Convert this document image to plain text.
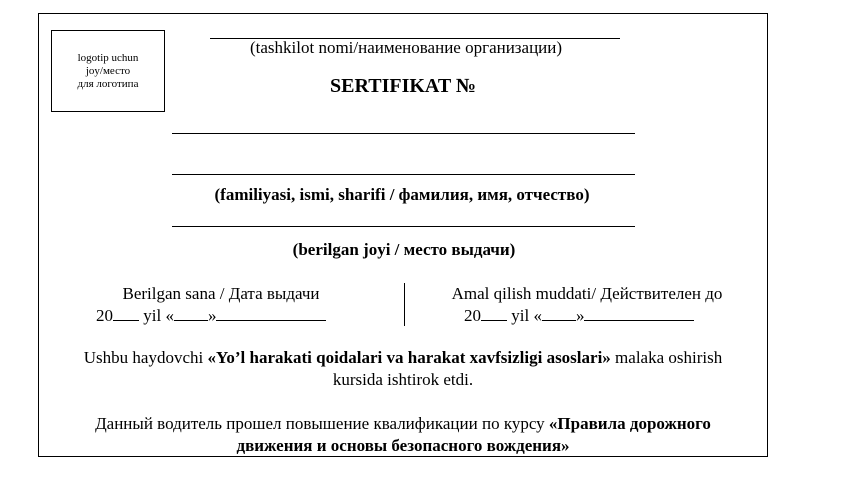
logotip uchun
joy/место
для логотипа
(tashkilot nomi/наименование организации)
SERTIFIKAT №
(familiyasi, ismi, sharifi / фамилия, имя, отчество)
(berilgan joyi / место выдачи)
Berilgan sana / Дата выдачи
20 yil « »
Amal qilish muddati/ Действителен до
20 yil « »
Ushbu haydovchi «Yo’l harakati qoidalari va harakat xavfsizligi asoslari» malaka oshirish
kursida ishtirok etdi.
Данный водитель прошел повышение квалификации по курсу «Правила дорожного
движения и основы безопасного вождения»
